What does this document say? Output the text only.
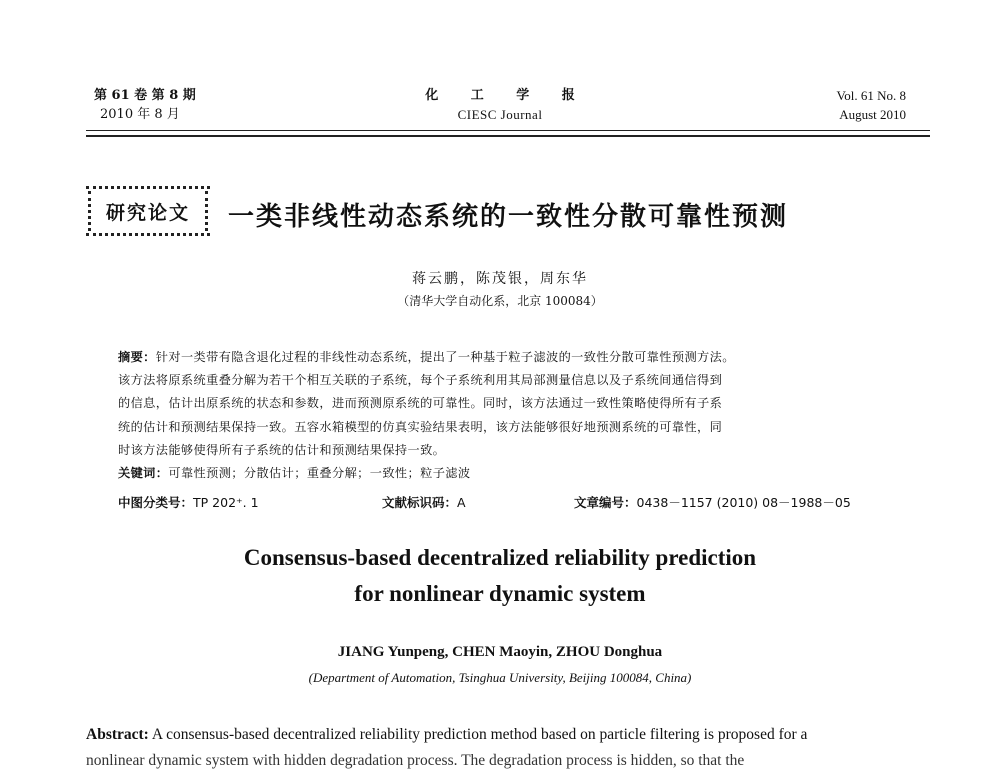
第 61 卷 第 8 期
2010 年 8 月
化 工 学 报
CIESC Journal
Vol. 61 No. 8
August 2010
研究论文	一类非线性动态系统的一致性分散可靠性预测
蒋云鹏，陈茂银，周东华
（清华大学自动化系，北京 100084）
摘要：针对一类带有隐含退化过程的非线性动态系统，提出了一种基于粒子滤波的一致性分散可靠性预测方法。
该方法将原系统重叠分解为若干个相互关联的子系统，每个子系统利用其局部测量信息以及子系统间通信得到
的信息，估计出原系统的状态和参数，进而预测原系统的可靠性。同时，该方法通过一致性策略使得所有子系
统的估计和预测结果保持一致。五容水箱模型的仿真实验结果表明，该方法能够很好地预测系统的可靠性，同
时该方法能够使得所有子系统的估计和预测结果保持一致。
关键词：可靠性预测；分散估计；重叠分解；一致性；粒子滤波
中图分类号：TP 202⁺. 1	文献标识码：A	文章编号：0438－1157 (2010) 08－1988－05
Consensus-based decentralized reliability prediction
for nonlinear dynamic system
JIANG Yunpeng, CHEN Maoyin, ZHOU Donghua
(Department of Automation, Tsinghua University, Beijing 100084, China)
Abstract: A consensus-based decentralized reliability prediction method based on particle filtering is proposed for a
nonlinear dynamic system with hidden degradation process. The degradation process is hidden, so that the
